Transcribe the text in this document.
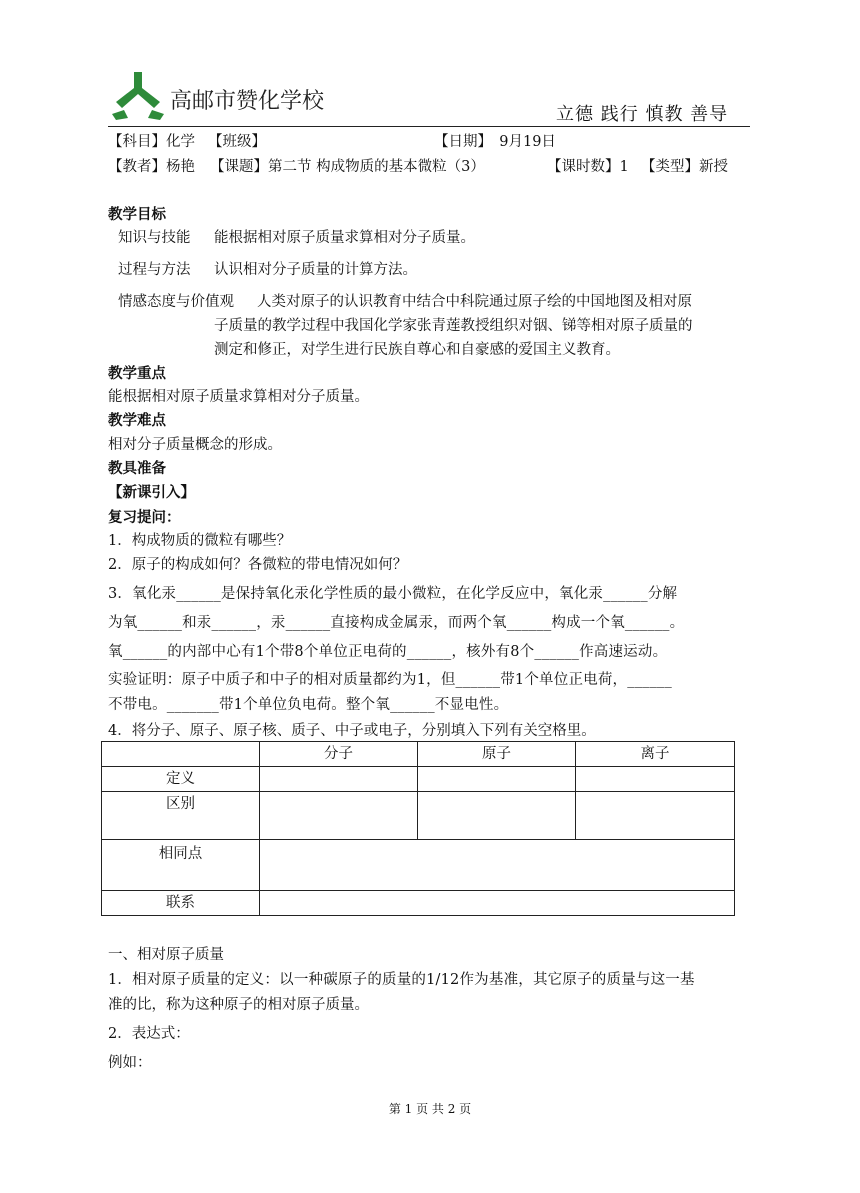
高邮市赞化学校
立德 践行 慎教 善导
【科目】化学 【班级】	【日期】　9月19日
【教者】杨艳 【课题】第二节 构成物质的基本微粒（3）	【课时数】1 【类型】新授
教学目标
知识与技能 能根据相对原子质量求算相对分子质量。
过程与方法 认识相对分子质量的计算方法。
情感态度与价值观 人类对原子的认识教育中结合中科院通过原子绘的中国地图及相对原
子质量的教学过程中我国化学家张青莲教授组织对铟、锑等相对原子质量的
测定和修正，对学生进行民族自尊心和自豪感的爱国主义教育。
教学重点
能根据相对原子质量求算相对分子质量。
教学难点
相对分子质量概念的形成。
教具准备
【新课引入】
复习提问：
1．构成物质的微粒有哪些？
2．原子的构成如何？各微粒的带电情况如何？
3．氧化汞______是保持氧化汞化学性质的最小微粒，在化学反应中，氧化汞______分解
为氧______和汞______，汞______直接构成金属汞，而两个氧______构成一个氧______。
氧______的内部中心有1个带8个单位正电荷的______，核外有8个______作高速运动。
实验证明：原子中质子和中子的相对质量都约为1，但______带1个单位正电荷，______
不带电。_______带1个单位负电荷。整个氧______不显电性。
4．将分子、原子、原子核、质子、中子或电子，分别填入下列有关空格里。
	分子	原子	离子
定义			
区别			
相同点			
联系			
一、相对原子质量
1．相对原子质量的定义：以一种碳原子的质量的1/12作为基准，其它原子的质量与这一基
准的比，称为这种原子的相对原子质量。
2．表达式：
例如：
第 1 页 共 2 页
